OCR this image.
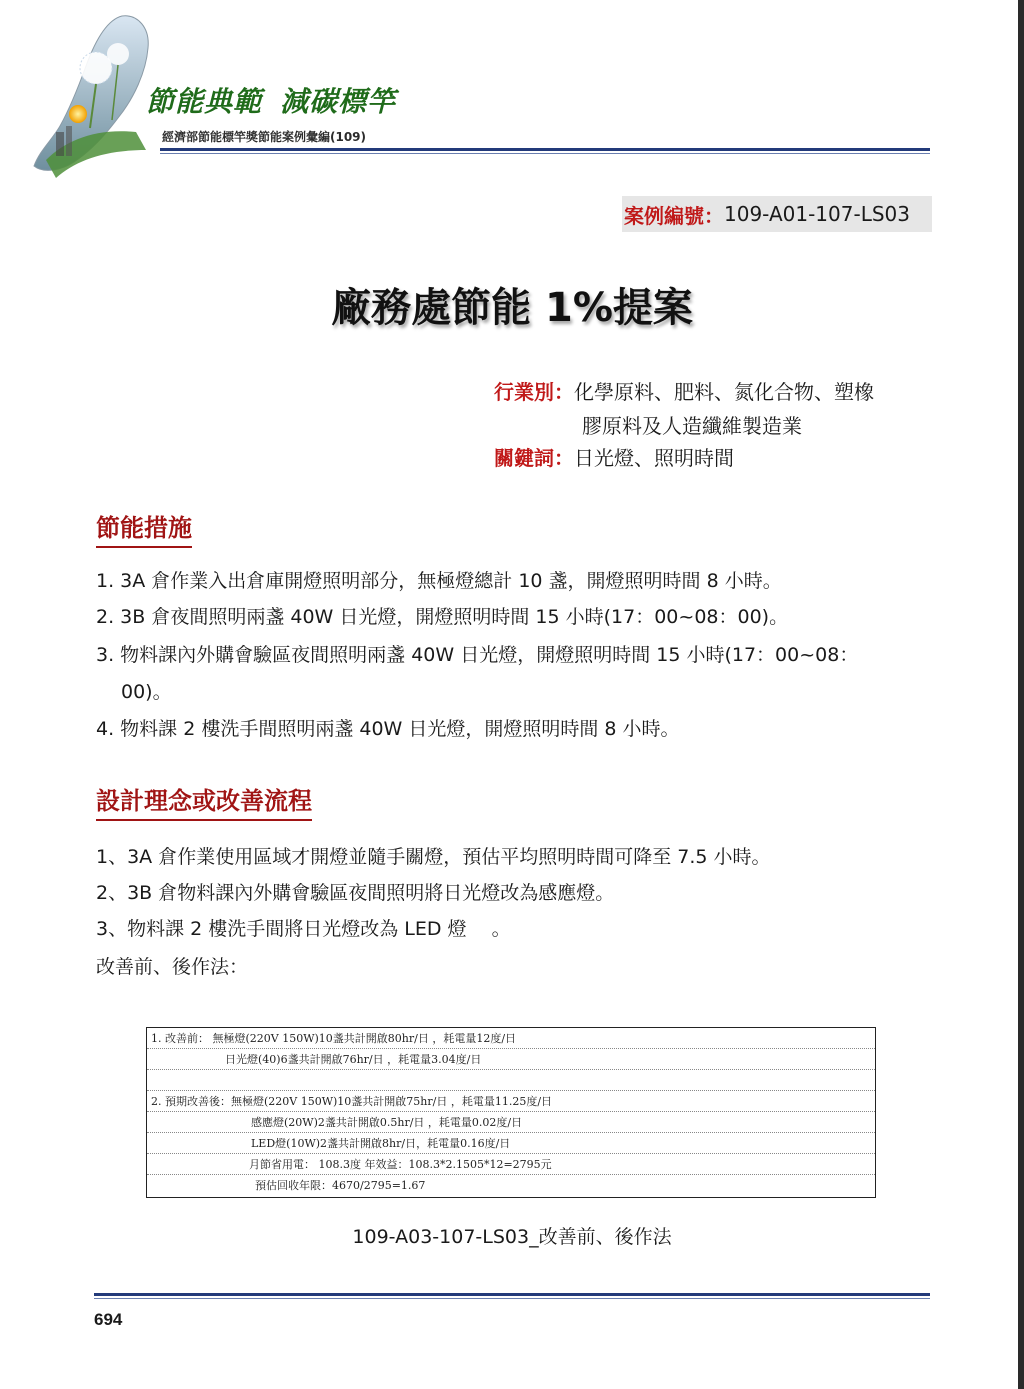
節能典範 減碳標竿
經濟部節能標竿獎節能案例彙編(109)
案例編號： 109-A01-107-LS03
廠務處節能 1%提案
行業別：化學原料、肥料、氮化合物、塑橡
膠原料及人造纖維製造業
關鍵詞：日光燈、照明時間
節能措施
1. 3A 倉作業入出倉庫開燈照明部分，無極燈總計 10 盞，開燈照明時間 8 小時。
2. 3B 倉夜間照明兩盞 40W 日光燈，開燈照明時間 15 小時(17：00~08：00)。
3. 物料課內外購會驗區夜間照明兩盞 40W 日光燈，開燈照明時間 15 小時(17：00~08：
00)。
4. 物料課 2 樓洗手間照明兩盞 40W 日光燈，開燈照明時間 8 小時。
設計理念或改善流程
1、3A 倉作業使用區域才開燈並隨手關燈，預估平均照明時間可降至 7.5 小時。
2、3B 倉物料課內外購會驗區夜間照明將日光燈改為感應燈。
3、物料課 2 樓洗手間將日光燈改為 LED 燈　 。
改善前、後作法：
1. 改善前： 無極燈(220V 150W)10盞共計開啟80hr/日 ，耗電量12度/日
日光燈(40)6盞共計開啟76hr/日 ，耗電量3.04度/日
2. 預期改善後：無極燈(220V 150W)10盞共計開啟75hr/日 ，耗電量11.25度/日
感應燈(20W)2盞共計開啟0.5hr/日 ，耗電量0.02度/日
LED燈(10W)2盞共計開啟8hr/日，耗電量0.16度/日
月節省用電： 108.3度 年效益：108.3*2.1505*12=2795元
預估回收年限：4670/2795=1.67
109-A03-107-LS03_改善前、後作法
694
